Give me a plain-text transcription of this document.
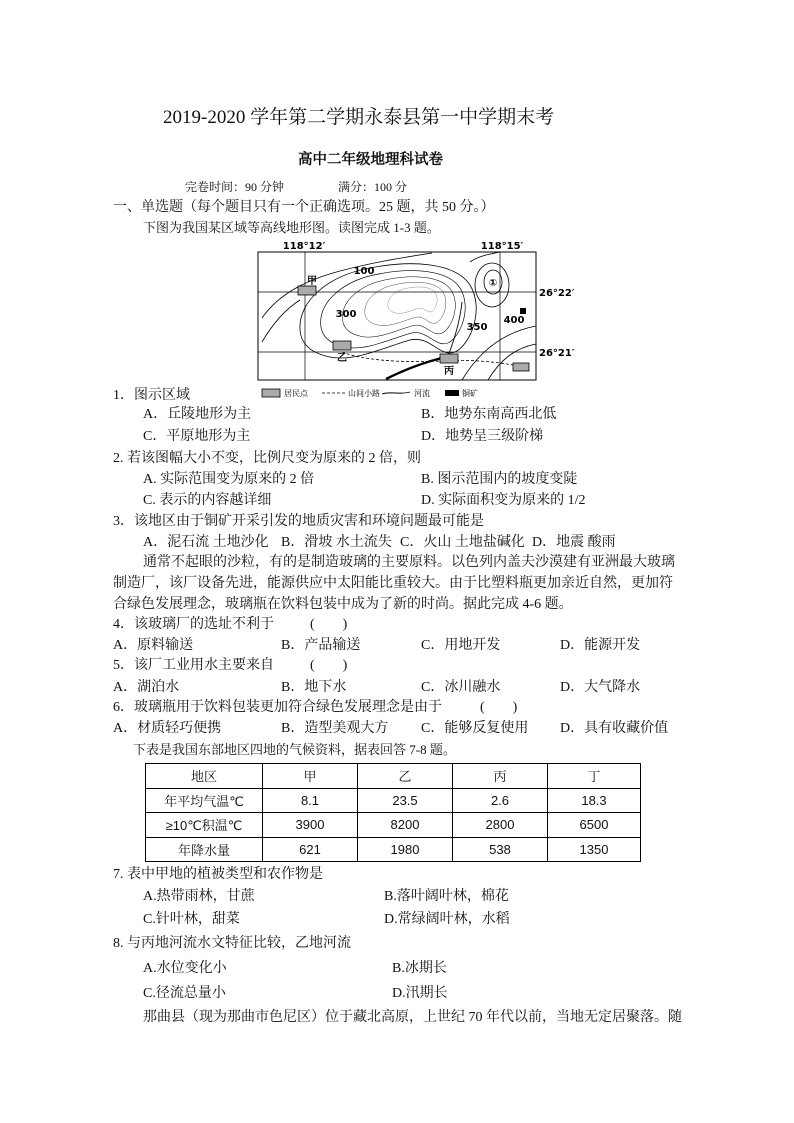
2019-2020 学年第二学期永泰县第一中学期末考
高中二年级地理科试卷
完卷时间：90 分钟	满分：100 分
一、单选题（每个题目只有一个正确选项。25 题，共 50 分。）
下图为我国某区域等高线地形图。读图完成 1-3 题。
118°12′	118°15′
26°22′
26°21′
100
300
350
400
甲
乙
丙
①
居民点	山间小路	河流	铜矿
1．图示区域
A．丘陵地形为主	B．地势东南高西北低
C．平原地形为主	D．地势呈三级阶梯
2. 若该图幅大小不变，比例尺变为原来的 2 倍，则
A. 实际范围变为原来的 2 倍	B. 图示范围内的坡度变陡
C. 表示的内容越详细	D. 实际面积变为原来的 1/2
3．该地区由于铜矿开采引发的地质灾害和环境问题最可能是
A．泥石流 土地沙化 B．滑坡 水土流失 C．火山 土地盐碱化 D．地震 酸雨
通常不起眼的沙粒，有的是制造玻璃的主要原料。以色列内盖夫沙漠建有亚洲最大玻璃
制造厂，该厂设备先进，能源供应中太阳能比重较大。由于比塑料瓶更加亲近自然，更加符
合绿色发展理念，玻璃瓶在饮料包装中成为了新的时尚。据此完成 4-6 题。
4．该玻璃厂的选址不利于	(　　)
A．原料输送	B．产品输送	C．用地开发	D．能源开发
5．该厂工业用水主要来自	(　　)
A．湖泊水	B．地下水	C．冰川融水	D．大气降水
6．玻璃瓶用于饮料包装更加符合绿色发展理念是由于	(　　)
A．材质轻巧便携	B．造型美观大方 C．能够反复使用 D．具有收藏价值
下表是我国东部地区四地的气候资料，据表回答 7-8 题。
地区	甲	乙	丙	丁
年平均气温℃	8.1	23.5	2.6	18.3
≥10℃积温℃	3900	8200	2800	6500
年降水量	621	1980	538	1350
7. 表中甲地的植被类型和农作物是
A.热带雨林，甘蔗	B.落叶阔叶林，棉花
C.针叶林，甜菜	D.常绿阔叶林，水稻
8. 与丙地河流水文特征比较，乙地河流
A.水位变化小	B.冰期长
C.径流总量小	D.汛期长
那曲县（现为那曲市色尼区）位于藏北高原，上世纪 70 年代以前，当地无定居聚落。随
